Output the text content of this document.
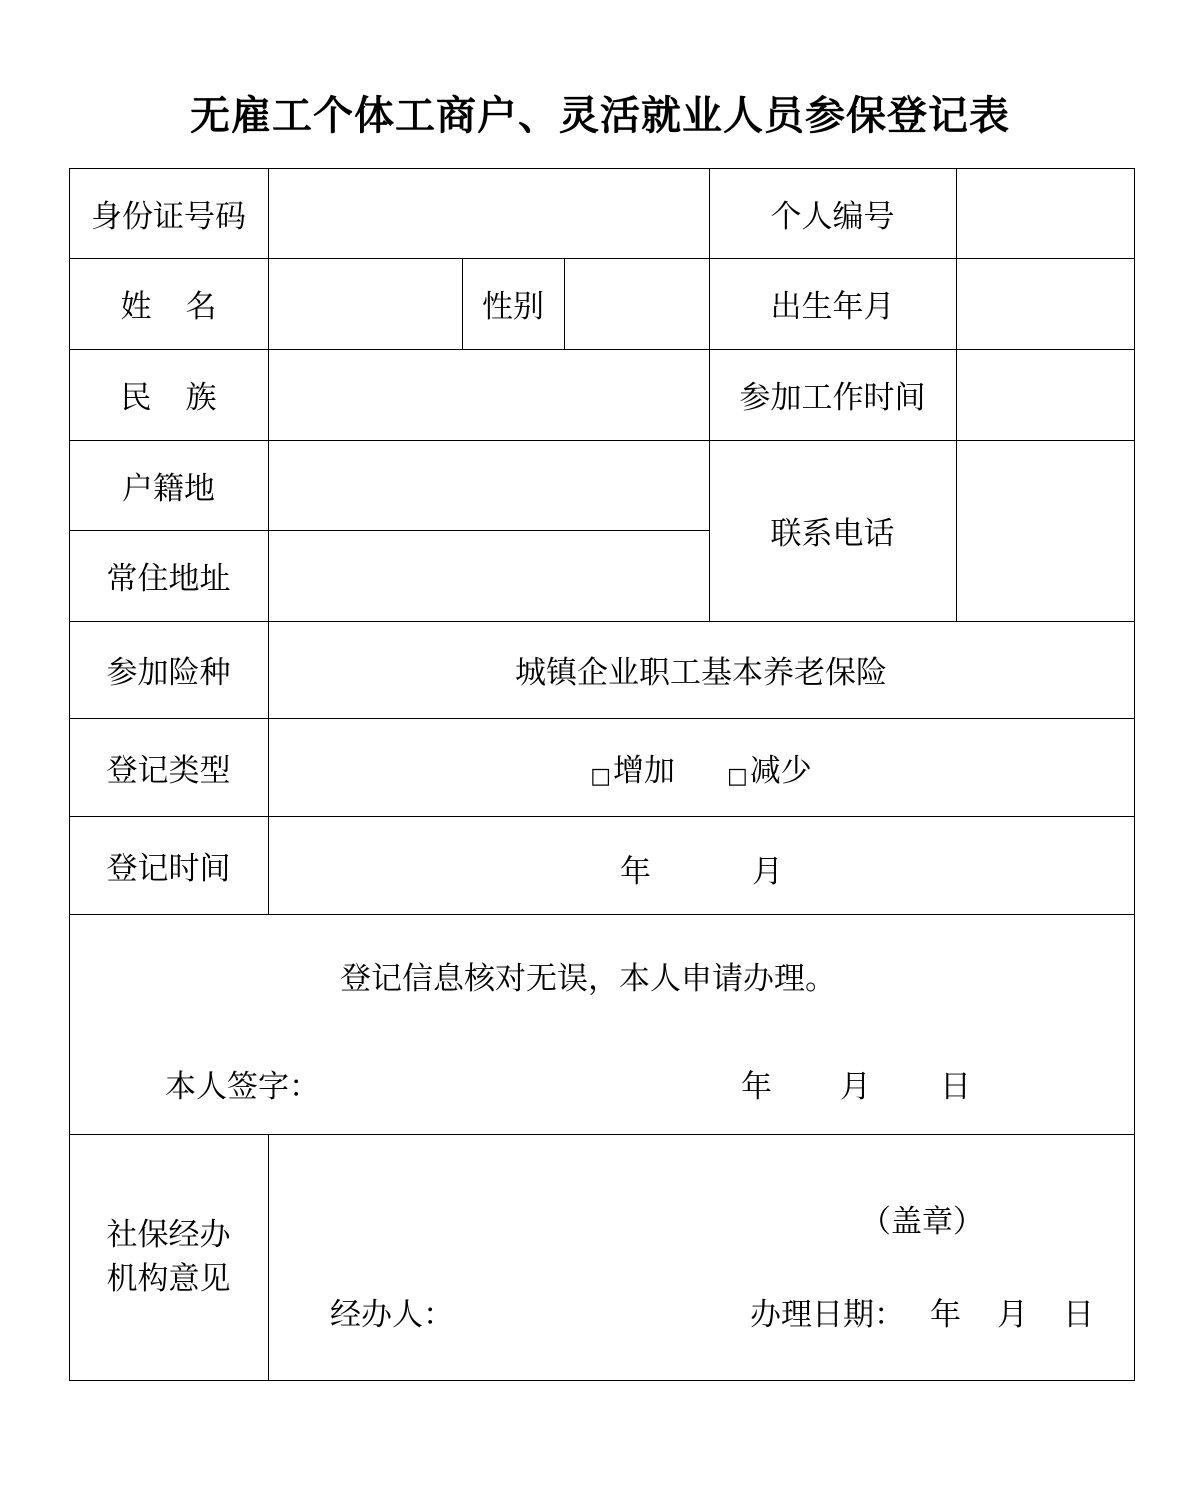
无雇工个体工商户、灵活就业人员参保登记表
身份证号码	个人编号
姓 名	性别	出生年月
民 族	参加工作时间
户籍地
常住地址
联系电话
参加险种	城镇企业职工基本养老保险
登记类型	□增加 □减少
登记时间	年	月
登记信息核对无误，本人申请办理。
本人签字：	年 月 日
社保经办
机构意见
（盖章）
经办人：	办理日期： 年 月 日
